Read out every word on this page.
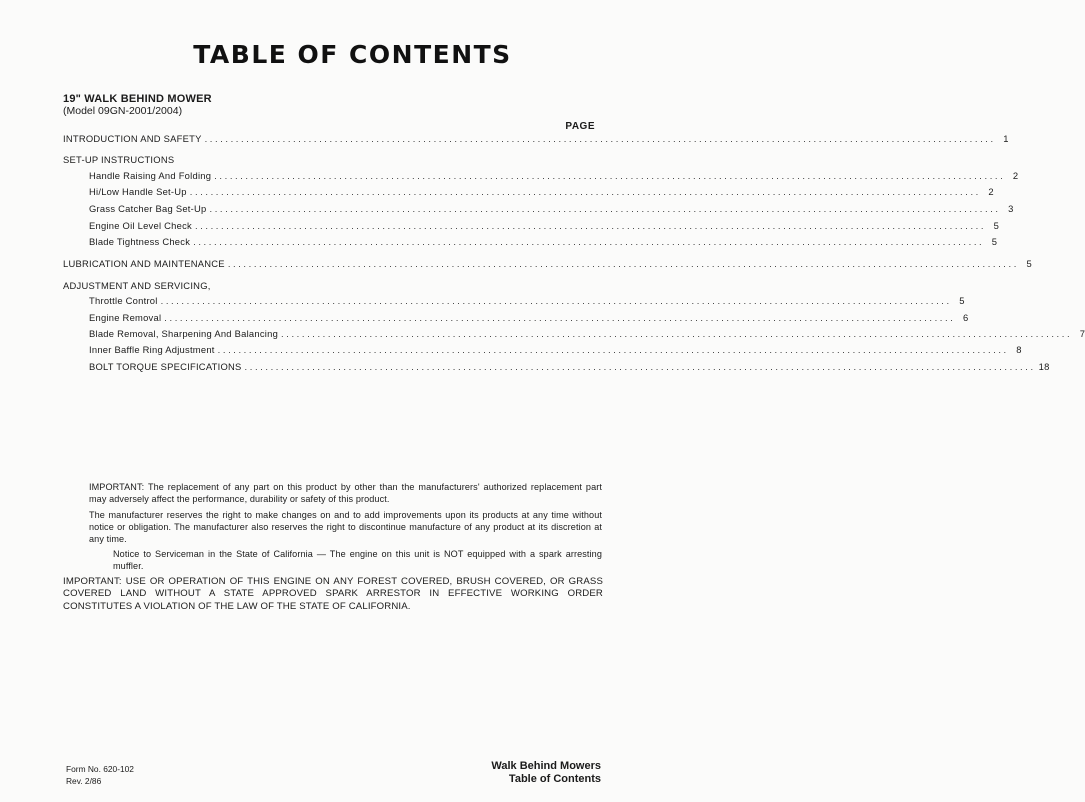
TABLE OF CONTENTS
19" WALK BEHIND MOWER
(Model 09GN-2001/2004)
PAGE
INTRODUCTION AND SAFETY ........................................................................................................................................................ 1
SET-UP INSTRUCTIONS
Handle Raising And Folding ........................................................................................................................................................ 2
Hi/Low Handle Set-Up ........................................................................................................................................................ 2
Grass Catcher Bag Set-Up ........................................................................................................................................................ 3
Engine Oil Level Check ........................................................................................................................................................ 5
Blade Tightness Check ........................................................................................................................................................ 5
LUBRICATION AND MAINTENANCE ........................................................................................................................................................ 5
ADJUSTMENT AND SERVICING,
Throttle Control ........................................................................................................................................................ 5
Engine Removal ........................................................................................................................................................ 6
Blade Removal, Sharpening And Balancing ........................................................................................................................................................ 7
Inner Baffle Ring Adjustment ........................................................................................................................................................ 8
BOLT TORQUE SPECIFICATIONS ........................................................................................................................................................ 18
IMPORTANT: The replacement of any part on this product by other than the manufacturers' authorized replacement part may adversely affect the performance, durability or safety of this product.
The manufacturer reserves the right to make changes on and to add improvements upon its products at any time without notice or obligation. The manufacturer also reserves the right to discontinue manufacture of any product at its discretion at any time.
Notice to Serviceman in the State of California — The engine on this unit is NOT equipped with a spark arresting muffler.
IMPORTANT: USE OR OPERATION OF THIS ENGINE ON ANY FOREST COVERED, BRUSH COVERED, OR GRASS COVERED LAND WITHOUT A STATE APPROVED SPARK ARRESTOR IN EFFECTIVE WORKING ORDER CONSTITUTES A VIOLATION OF THE LAW OF THE STATE OF CALIFORNIA.
Form No. 620-102
Rev. 2/86
Walk Behind Mowers
Table of Contents
